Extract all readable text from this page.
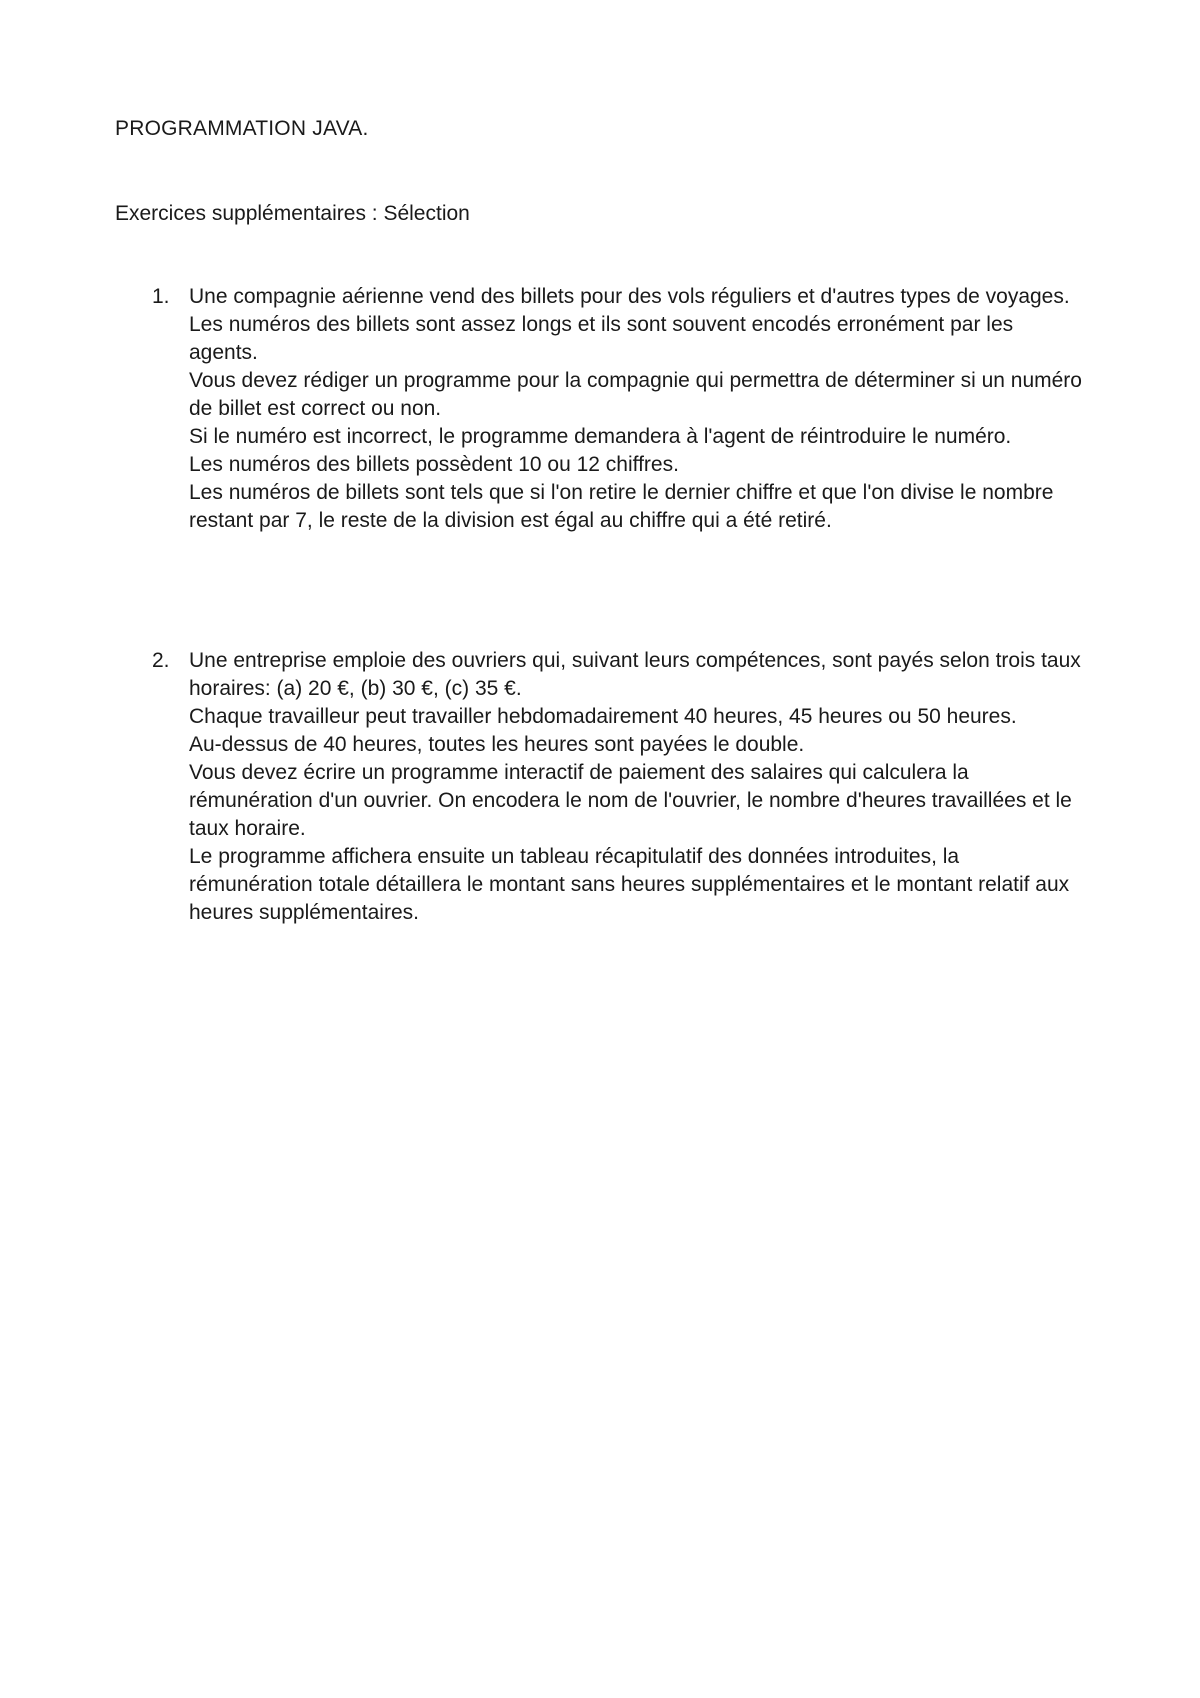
PROGRAMMATION JAVA.
Exercices supplémentaires : Sélection
1. Une compagnie aérienne vend des billets pour des vols réguliers et d'autres types de voyages.

Les numéros des billets sont assez longs et ils sont souvent encodés erronément par les agents.

Vous devez rédiger un programme pour la compagnie qui permettra de déterminer si un numéro de billet est correct ou non.

Si le numéro est incorrect, le programme demandera à l'agent de réintroduire le numéro.

Les numéros des billets possèdent 10 ou 12 chiffres.

Les numéros de billets sont tels que si l'on retire le dernier chiffre et que l'on divise le nombre restant par 7, le reste de la division est égal au chiffre qui a été retiré.

2. Une entreprise emploie des ouvriers qui, suivant leurs compétences, sont payés selon trois taux horaires: (a) 20 €, (b) 30 €, (c) 35 €.

Chaque travailleur peut travailler hebdomadairement 40 heures, 45 heures ou 50 heures.

Au-dessus de 40 heures, toutes les heures sont payées le double.

Vous devez écrire un programme interactif de paiement des salaires qui calculera la rémunération d'un ouvrier. On encodera le nom de l'ouvrier, le nombre d'heures travaillées et le taux horaire.

Le programme affichera ensuite un tableau récapitulatif des données introduites, la rémunération totale détaillera le montant sans heures supplémentaires et le montant relatif aux heures supplémentaires.
